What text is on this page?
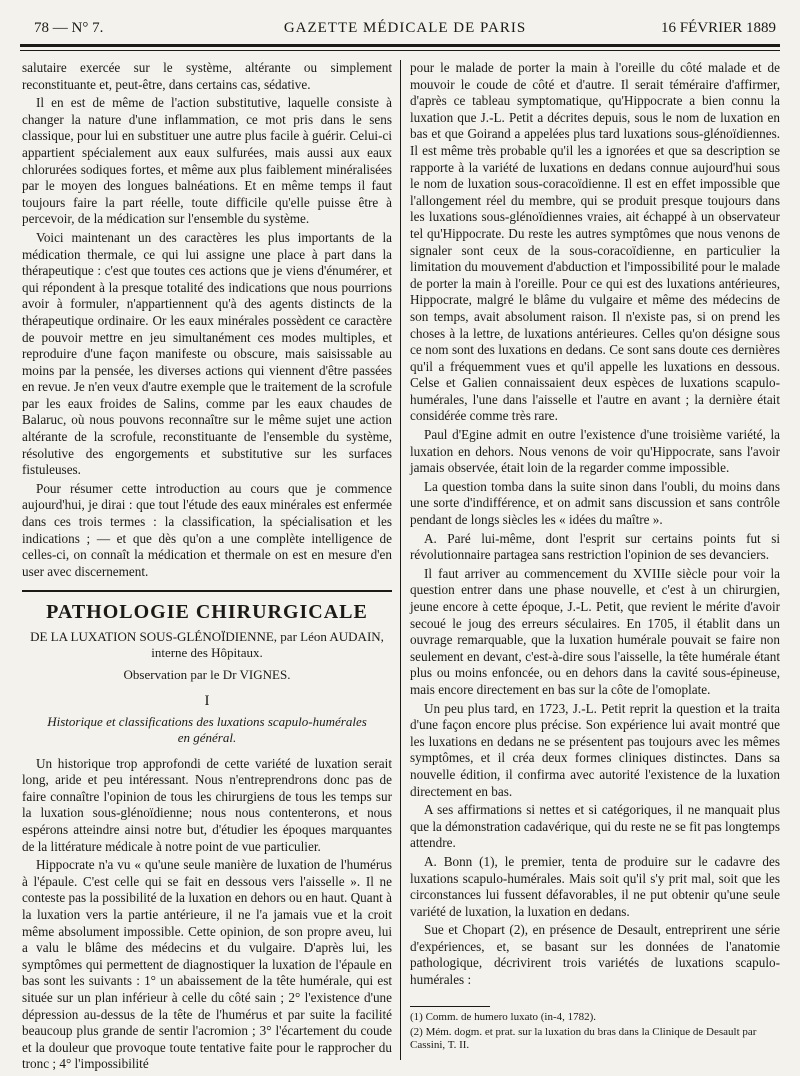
78 — N° 7.	GAZETTE MÉDICALE DE PARIS	16 FÉVRIER 1889

salutaire exercée sur le système, altérante ou simplement reconstituante et, peut-être, dans certains cas, sédative.

Il en est de même de l'action substitutive, laquelle consiste à changer la nature d'une inflammation, ce mot pris dans le sens classique, pour lui en substituer une autre plus facile à guérir. Celui-ci appartient spécialement aux eaux sulfurées, mais aussi aux eaux chlorurées sodiques fortes, et même aux plus faiblement minéralisées par le moyen des longues balnéations. Et en même temps il faut toujours faire la part réelle, toute difficile qu'elle puisse être à percevoir, de la médication sur l'ensemble du système.

Voici maintenant un des caractères les plus importants de la médication thermale, ce qui lui assigne une place à part dans la thérapeutique : c'est que toutes ces actions que je viens d'énumérer, et qui répondent à la presque totalité des indications que nous pourrions avoir à formuler, n'appartiennent qu'à des agents distincts de la thérapeutique ordinaire. Or les eaux minérales possèdent ce caractère de pouvoir mettre en jeu simultanément ces modes multiples, et reproduire d'une façon manifeste ou obscure, mais saisissable au moins par la pensée, les diverses actions qui viennent d'être passées en revue. Je n'en veux d'autre exemple que le traitement de la scrofule par les eaux froides de Salins, comme par les eaux chaudes de Balaruc, où nous pouvons reconnaître sur le même sujet une action altérante de la scrofule, reconstituante de l'ensemble du système, résolutive des engorgements et substitutive sur les surfaces fistuleuses.

Pour résumer cette introduction au cours que je commence aujourd'hui, je dirai : que tout l'étude des eaux minérales est enfermée dans ces trois termes : la classification, la spécialisation et les indications ; — et que dès qu'on a une complète intelligence de celles-ci, on connaît la médication et thermale on est en mesure d'en user avec discernement.

PATHOLOGIE CHIRURGICALE
DE LA LUXATION SOUS-GLÉNOÏDIENNE, par Léon AUDAIN,
interne des Hôpitaux.
Observation par le Dr VIGNES.
I
Historique et classifications des luxations scapulo-humérales en général.

Un historique trop approfondi de cette variété de luxation serait long, aride et peu intéressant. Nous n'entreprendrons donc pas de faire connaître l'opinion de tous les chirurgiens de tous les temps sur la luxation sous-glénoïdienne; nous nous contenterons, et nous espérons atteindre ainsi notre but, d'étudier les époques marquantes de la littérature médicale à notre point de vue particulier.

Hippocrate n'a vu « qu'une seule manière de luxation de l'humérus à l'épaule. C'est celle qui se fait en dessous vers l'aisselle ». Il ne conteste pas la possibilité de la luxation en dehors ou en haut. Quant à la luxation vers la partie antérieure, il ne l'a jamais vue et la croit même absolument impossible. Cette opinion, de son propre aveu, lui a valu le blâme des médecins et du vulgaire. D'après lui, les symptômes qui permettent de diagnostiquer la luxation de l'épaule en bas sont les suivants : 1° un abaissement de la tête humérale, qui est située sur un plan inférieur à celle du côté sain ; 2° l'existence d'une dépression au-dessus de la tête de l'humérus et par suite la facilité beaucoup plus grande de sentir l'acromion ; 3° l'écartement du coude et la douleur que provoque toute tentative faite pour le rapprocher du tronc ; 4° l'impossibilité

pour le malade de porter la main à l'oreille du côté malade et de mouvoir le coude de côté et d'autre. Il serait téméraire d'affirmer, d'après ce tableau symptomatique, qu'Hippocrate a bien connu la luxation que J.-L. Petit a décrites depuis, sous le nom de luxation en bas et que Goirand a appelées plus tard luxations sous-glénoïdiennes. Il est même très probable qu'il les a ignorées et que sa description se rapporte à la variété de luxations en dedans connue aujourd'hui sous le nom de luxation sous-coracoïdienne. Il est en effet impossible que l'allongement réel du membre, qui se produit presque toujours dans les luxations sous-glénoïdiennes vraies, ait échappé à un observateur tel qu'Hippocrate. Du reste les autres symptômes que nous venons de signaler sont ceux de la sous-coracoïdienne, en particulier la limitation du mouvement d'abduction et l'impossibilité pour le malade de porter la main à l'oreille. Pour ce qui est des luxations antérieures, Hippocrate, malgré le blâme du vulgaire et même des médecins de son temps, avait absolument raison. Il n'existe pas, si on prend les choses à la lettre, de luxations antérieures. Celles qu'on désigne sous ce nom sont des luxations en dedans. Ce sont sans doute ces dernières qu'il a fréquemment vues et qu'il appelle les luxations en dessous. Celse et Galien connaissaient deux espèces de luxations scapulo-humérales, l'une dans l'aisselle et l'autre en avant ; la dernière était considérée comme très rare.

Paul d'Egine admit en outre l'existence d'une troisième variété, la luxation en dehors. Nous venons de voir qu'Hippocrate, sans l'avoir jamais observée, était loin de la regarder comme impossible.

La question tomba dans la suite sinon dans l'oubli, du moins dans une sorte d'indifférence, et on admit sans discussion et sans contrôle pendant de longs siècles les « idées du maître ».

A. Paré lui-même, dont l'esprit sur certains points fut si révolutionnaire partagea sans restriction l'opinion de ses devanciers.

Il faut arriver au commencement du XVIIIe siècle pour voir la question entrer dans une phase nouvelle, et c'est à un chirurgien, jeune encore à cette époque, J.-L. Petit, que revient le mérite d'avoir secoué le joug des erreurs séculaires. En 1705, il établit dans un ouvrage remarquable, que la luxation humérale pouvait se faire non seulement en devant, c'est-à-dire sous l'aisselle, la tête humérale étant plus ou moins enfoncée, ou en dehors dans la cavité sous-épineuse, mais encore directement en bas sur la côte de l'omoplate.

Un peu plus tard, en 1723, J.-L. Petit reprit la question et la traita d'une façon encore plus précise. Son expérience lui avait montré que les luxations en dedans ne se présentent pas toujours avec les mêmes symptômes, et il créa deux formes cliniques distinctes. Dans sa nouvelle édition, il confirma avec autorité l'existence de la luxation directement en bas.

A ses affirmations si nettes et si catégoriques, il ne manquait plus que la démonstration cadavérique, qui du reste ne se fit pas longtemps attendre.

A. Bonn (1), le premier, tenta de produire sur le cadavre des luxations scapulo-humérales. Mais soit qu'il s'y prit mal, soit que les circonstances lui fussent défavorables, il ne put obtenir qu'une seule variété de luxation, la luxation en dedans.

Sue et Chopart (2), en présence de Desault, entreprirent une série d'expériences, et, se basant sur les données de l'anatomie pathologique, décrivirent trois variétés de luxations scapulo-humérales :

(1) Comm. de humero luxato (in-4, 1782).

(2) Mém. dogm. et prat. sur la luxation du bras dans la Clinique de Desault par Cassini, T. II.
